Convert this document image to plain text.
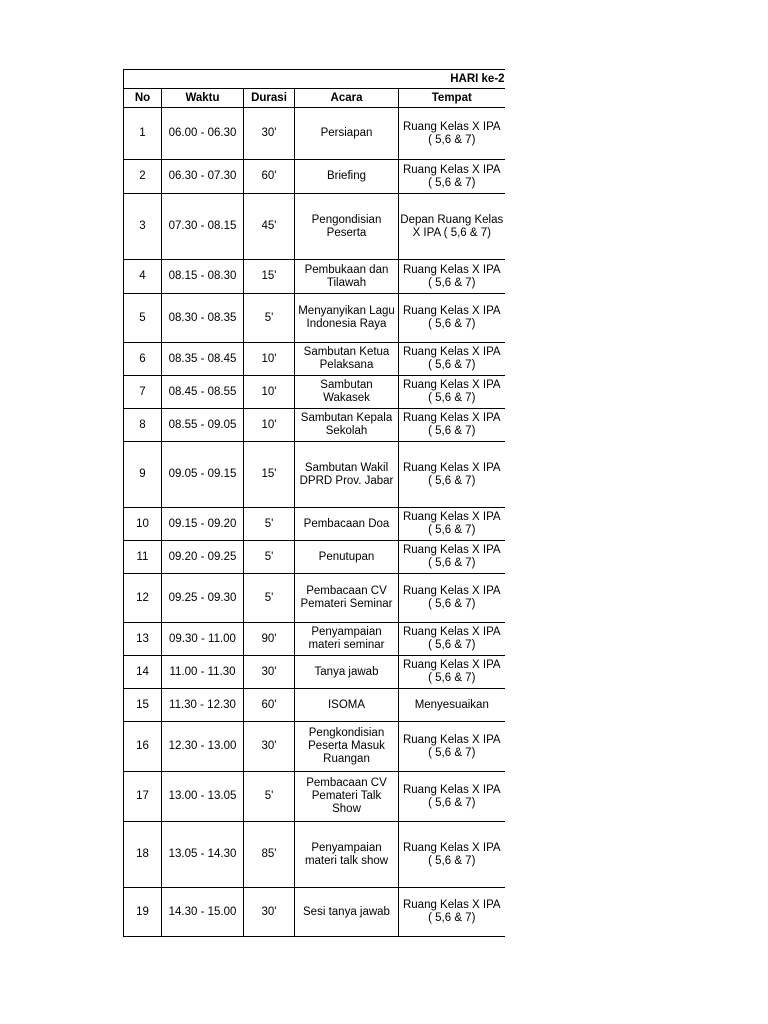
HARI ke-2				
No	Waktu	Durasi	Acara	Tempat
1	06.00 - 06.30	30'	Persiapan	Ruang Kelas X IPA ( 5,6 & 7)
2	06.30 - 07.30	60'	Briefing	Ruang Kelas X IPA ( 5,6 & 7)
3	07.30 - 08.15	45'	Pengondisian Peserta	Depan Ruang Kelas X IPA ( 5,6 & 7)
4	08.15 - 08.30	15'	Pembukaan dan Tilawah	Ruang Kelas X IPA ( 5,6 & 7)
5	08.30 - 08.35	5'	Menyanyikan Lagu Indonesia Raya	Ruang Kelas X IPA ( 5,6 & 7)
6	08.35 - 08.45	10'	Sambutan Ketua Pelaksana	Ruang Kelas X IPA ( 5,6 & 7)
7	08.45 - 08.55	10'	Sambutan Wakasek	Ruang Kelas X IPA ( 5,6 & 7)
8	08.55 - 09.05	10'	Sambutan Kepala Sekolah	Ruang Kelas X IPA ( 5,6 & 7)
9	09.05 - 09.15	15'	Sambutan Wakil DPRD Prov. Jabar	Ruang Kelas X IPA ( 5,6 & 7)
10	09.15 - 09.20	5'	Pembacaan Doa	Ruang Kelas X IPA ( 5,6 & 7)
11	09.20 - 09.25	5'	Penutupan	Ruang Kelas X IPA ( 5,6 & 7)
12	09.25 - 09.30	5'	Pembacaan CV Pemateri Seminar	Ruang Kelas X IPA ( 5,6 & 7)
13	09.30 - 11.00	90'	Penyampaian materi seminar	Ruang Kelas X IPA ( 5,6 & 7)
14	11.00 - 11.30	30'	Tanya jawab	Ruang Kelas X IPA ( 5,6 & 7)
15	11.30 - 12.30	60'	ISOMA	Menyesuaikan
16	12.30 - 13.00	30'	Pengkondisian Peserta Masuk Ruangan	Ruang Kelas X IPA ( 5,6 & 7)
17	13.00 - 13.05	5'	Pembacaan CV Pemateri Talk Show	Ruang Kelas X IPA ( 5,6 & 7)
18	13.05 - 14.30	85'	Penyampaian materi talk show	Ruang Kelas X IPA ( 5,6 & 7)
19	14.30 - 15.00	30'	Sesi tanya jawab	Ruang Kelas X IPA ( 5,6 & 7)
